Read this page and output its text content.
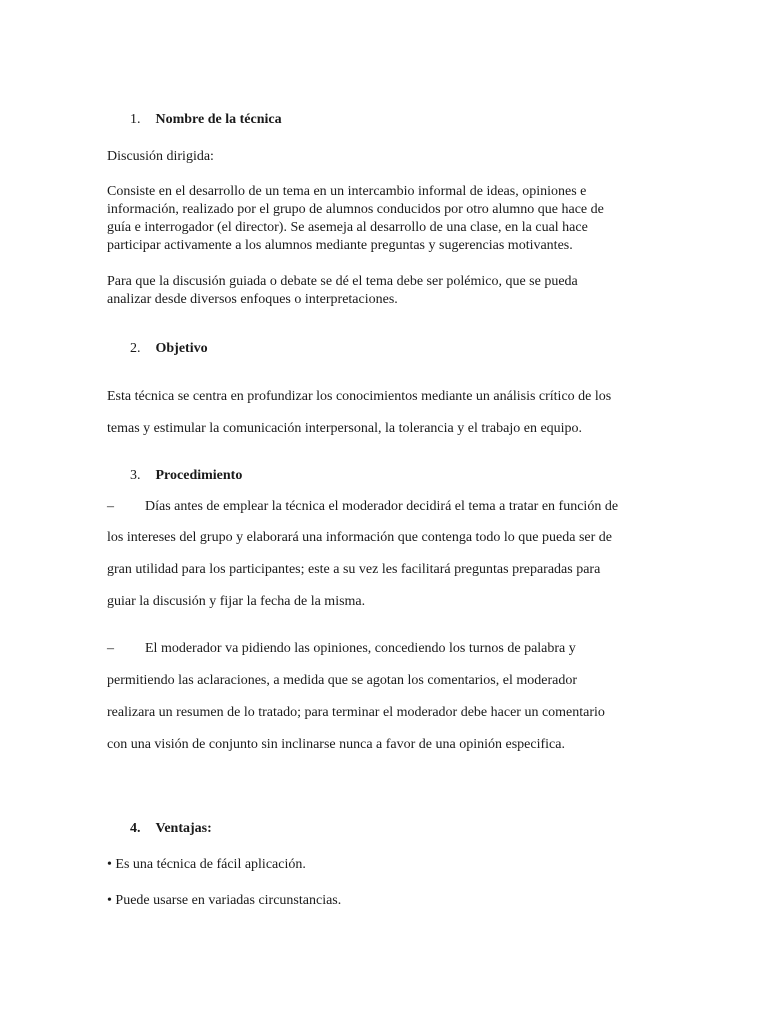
1. Nombre de la técnica
Discusión dirigida:
Consiste en el desarrollo de un tema en un intercambio informal de ideas, opiniones e
información, realizado por el grupo de alumnos conducidos por otro alumno que hace de
guía e interrogador (el director). Se asemeja al desarrollo de una clase, en la cual hace
participar activamente a los alumnos mediante preguntas y sugerencias motivantes.
Para que la discusión guiada o debate se dé el tema debe ser polémico, que se pueda
analizar desde diversos enfoques o interpretaciones.
2. Objetivo
Esta técnica se centra en profundizar los conocimientos mediante un análisis crítico de los
temas y estimular la comunicación interpersonal, la tolerancia y el trabajo en equipo.
3. Procedimiento
– Días antes de emplear la técnica el moderador decidirá el tema a tratar en función de
los intereses del grupo y elaborará una información que contenga todo lo que pueda ser de
gran utilidad para los participantes; este a su vez les facilitará preguntas preparadas para
guiar la discusión y fijar la fecha de la misma.
– El moderador va pidiendo las opiniones, concediendo los turnos de palabra y
permitiendo las aclaraciones, a medida que se agotan los comentarios, el moderador
realizara un resumen de lo tratado; para terminar el moderador debe hacer un comentario
con una visión de conjunto sin inclinarse nunca a favor de una opinión especifica.
4. Ventajas:
• Es una técnica de fácil aplicación.
• Puede usarse en variadas circunstancias.
